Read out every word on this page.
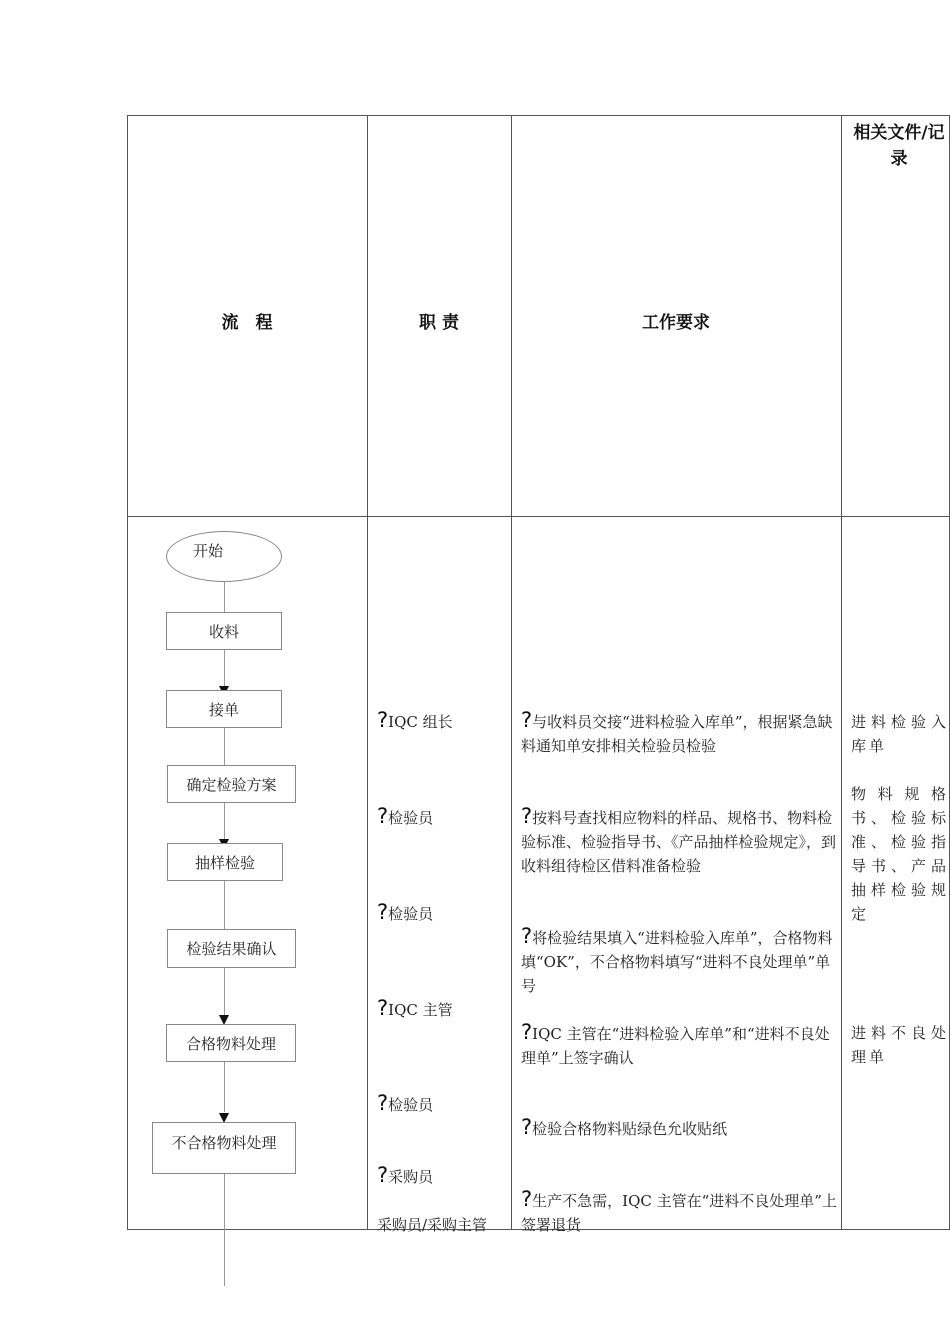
流　程	职 责	工作要求
相关文件/记录
开始
收料
接单
确定检验方案
抽样检验
检验结果确认
合格物料处理
不合格物料处理
?IQC 组长
?检验员
?检验员
?IQC 主管
?检验员
?采购员
采购员/采购主管
?与收料员交接“进料检验入库单”，根据紧急缺料通知单安排相关检验员检验
?按料号查找相应物料的样品、规格书、物料检验标准、检验指导书、《产品抽样检验规定》，到收料组待检区借料准备检验
?将检验结果填入“进料检验入库单”，合格物料填“OK”，不合格物料填写“进料不良处理单”单号
?IQC 主管在“进料检验入库单”和“进料不良处理单”上签字确认
?检验合格物料贴绿色允收贴纸
?生产不急需，IQC 主管在“进料不良处理单”上签署退货
进料检验入库单
物料规格书、检验标准、检验指导书、产品抽样检验规定
进料不良处理单
